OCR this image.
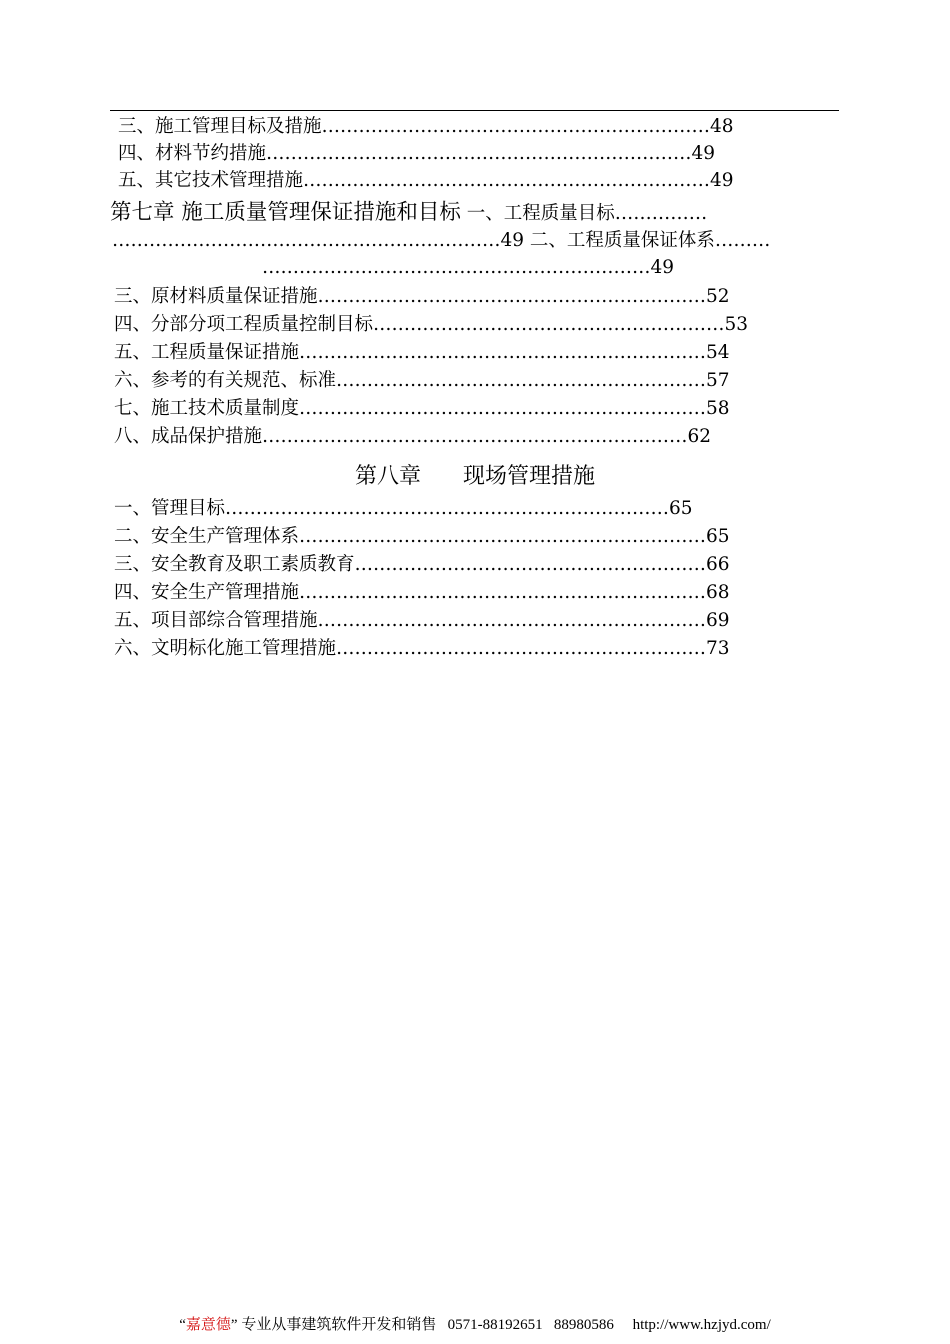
三、施工管理目标及措施………………………………………………………48
四、材料节约措施……………………………………………………………49
五、其它技术管理措施…………………………………………………………49
第七章 施工质量管理保证措施和目标 一、工程质量目标……………
………………………………………………………49 二、工程质量保证体系………
………………………………………………………49
三、原材料质量保证措施………………………………………………………52
四、分部分项工程质量控制目标…………………………………………………53
五、工程质量保证措施…………………………………………………………54
六、参考的有关规范、标准……………………………………………………57
七、施工技术质量制度…………………………………………………………58
八、成品保护措施……………………………………………………………62
第八章      现场管理措施
一、管理目标………………………………………………………………65
二、安全生产管理体系…………………………………………………………65
三、安全教育及职工素质教育…………………………………………………66
四、安全生产管理措施…………………………………………………………68
五、项目部综合管理措施………………………………………………………69
六、文明标化施工管理措施……………………………………………………73
“嘉意德” 专业从事建筑软件开发和销售   0571-88192651   88980586     http://www.hzjyd.com/
